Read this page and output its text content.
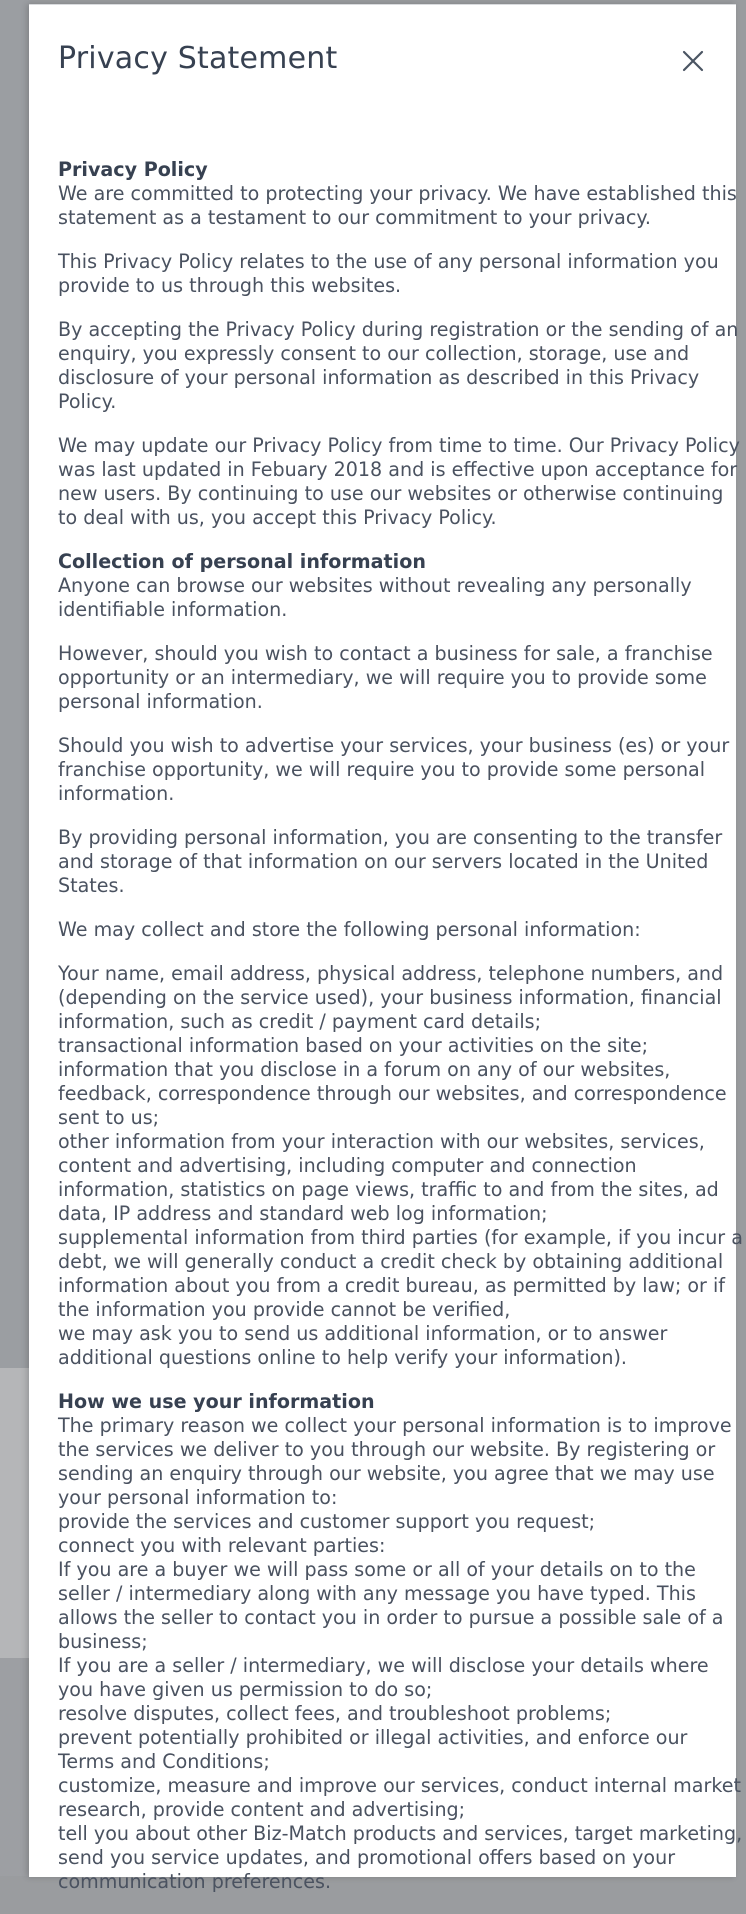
Privacy Statement
Privacy Policy

We are committed to protecting your privacy. We have established this statement as a testament to our commitment to your privacy.

This Privacy Policy relates to the use of any personal information you provide to us through this websites.

By accepting the Privacy Policy during registration or the sending of an enquiry, you expressly consent to our collection, storage, use and disclosure of your personal information as described in this Privacy Policy.

We may update our Privacy Policy from time to time. Our Privacy Policy was last updated in Febuary 2018 and is effective upon acceptance for new users. By continuing to use our websites or otherwise continuing to deal with us, you accept this Privacy Policy.

Collection of personal information

Anyone can browse our websites without revealing any personally identifiable information.

However, should you wish to contact a business for sale, a franchise opportunity or an intermediary, we will require you to provide some personal information.

Should you wish to advertise your services, your business (es) or your franchise opportunity, we will require you to provide some personal information.

By providing personal information, you are consenting to the transfer and storage of that information on our servers located in the United States.

We may collect and store the following personal information:

Your name, email address, physical address, telephone numbers, and (depending on the service used), your business information, financial information, such as credit / payment card details;
transactional information based on your activities on the site;
information that you disclose in a forum on any of our websites, feedback, correspondence through our websites, and correspondence sent to us;
other information from your interaction with our websites, services, content and advertising, including computer and connection information, statistics on page views, traffic to and from the sites, ad data, IP address and standard web log information;
supplemental information from third parties (for example, if you incur a debt, we will generally conduct a credit check by obtaining additional information about you from a credit bureau, as permitted by law; or if the information you provide cannot be verified,
we may ask you to send us additional information, or to answer additional questions online to help verify your information).
How we use your information
The primary reason we collect your personal information is to improve the services we deliver to you through our website. By registering or sending an enquiry through our website, you agree that we may use your personal information to:
provide the services and customer support you request;
connect you with relevant parties:
If you are a buyer we will pass some or all of your details on to the seller / intermediary along with any message you have typed. This allows the seller to contact you in order to pursue a possible sale of a business;
If you are a seller / intermediary, we will disclose your details where you have given us permission to do so;
resolve disputes, collect fees, and troubleshoot problems;
prevent potentially prohibited or illegal activities, and enforce our Terms and Conditions;
customize, measure and improve our services, conduct internal market research, provide content and advertising;
tell you about other Biz-Match products and services, target marketing, send you service updates, and promotional offers based on your communication preferences.
